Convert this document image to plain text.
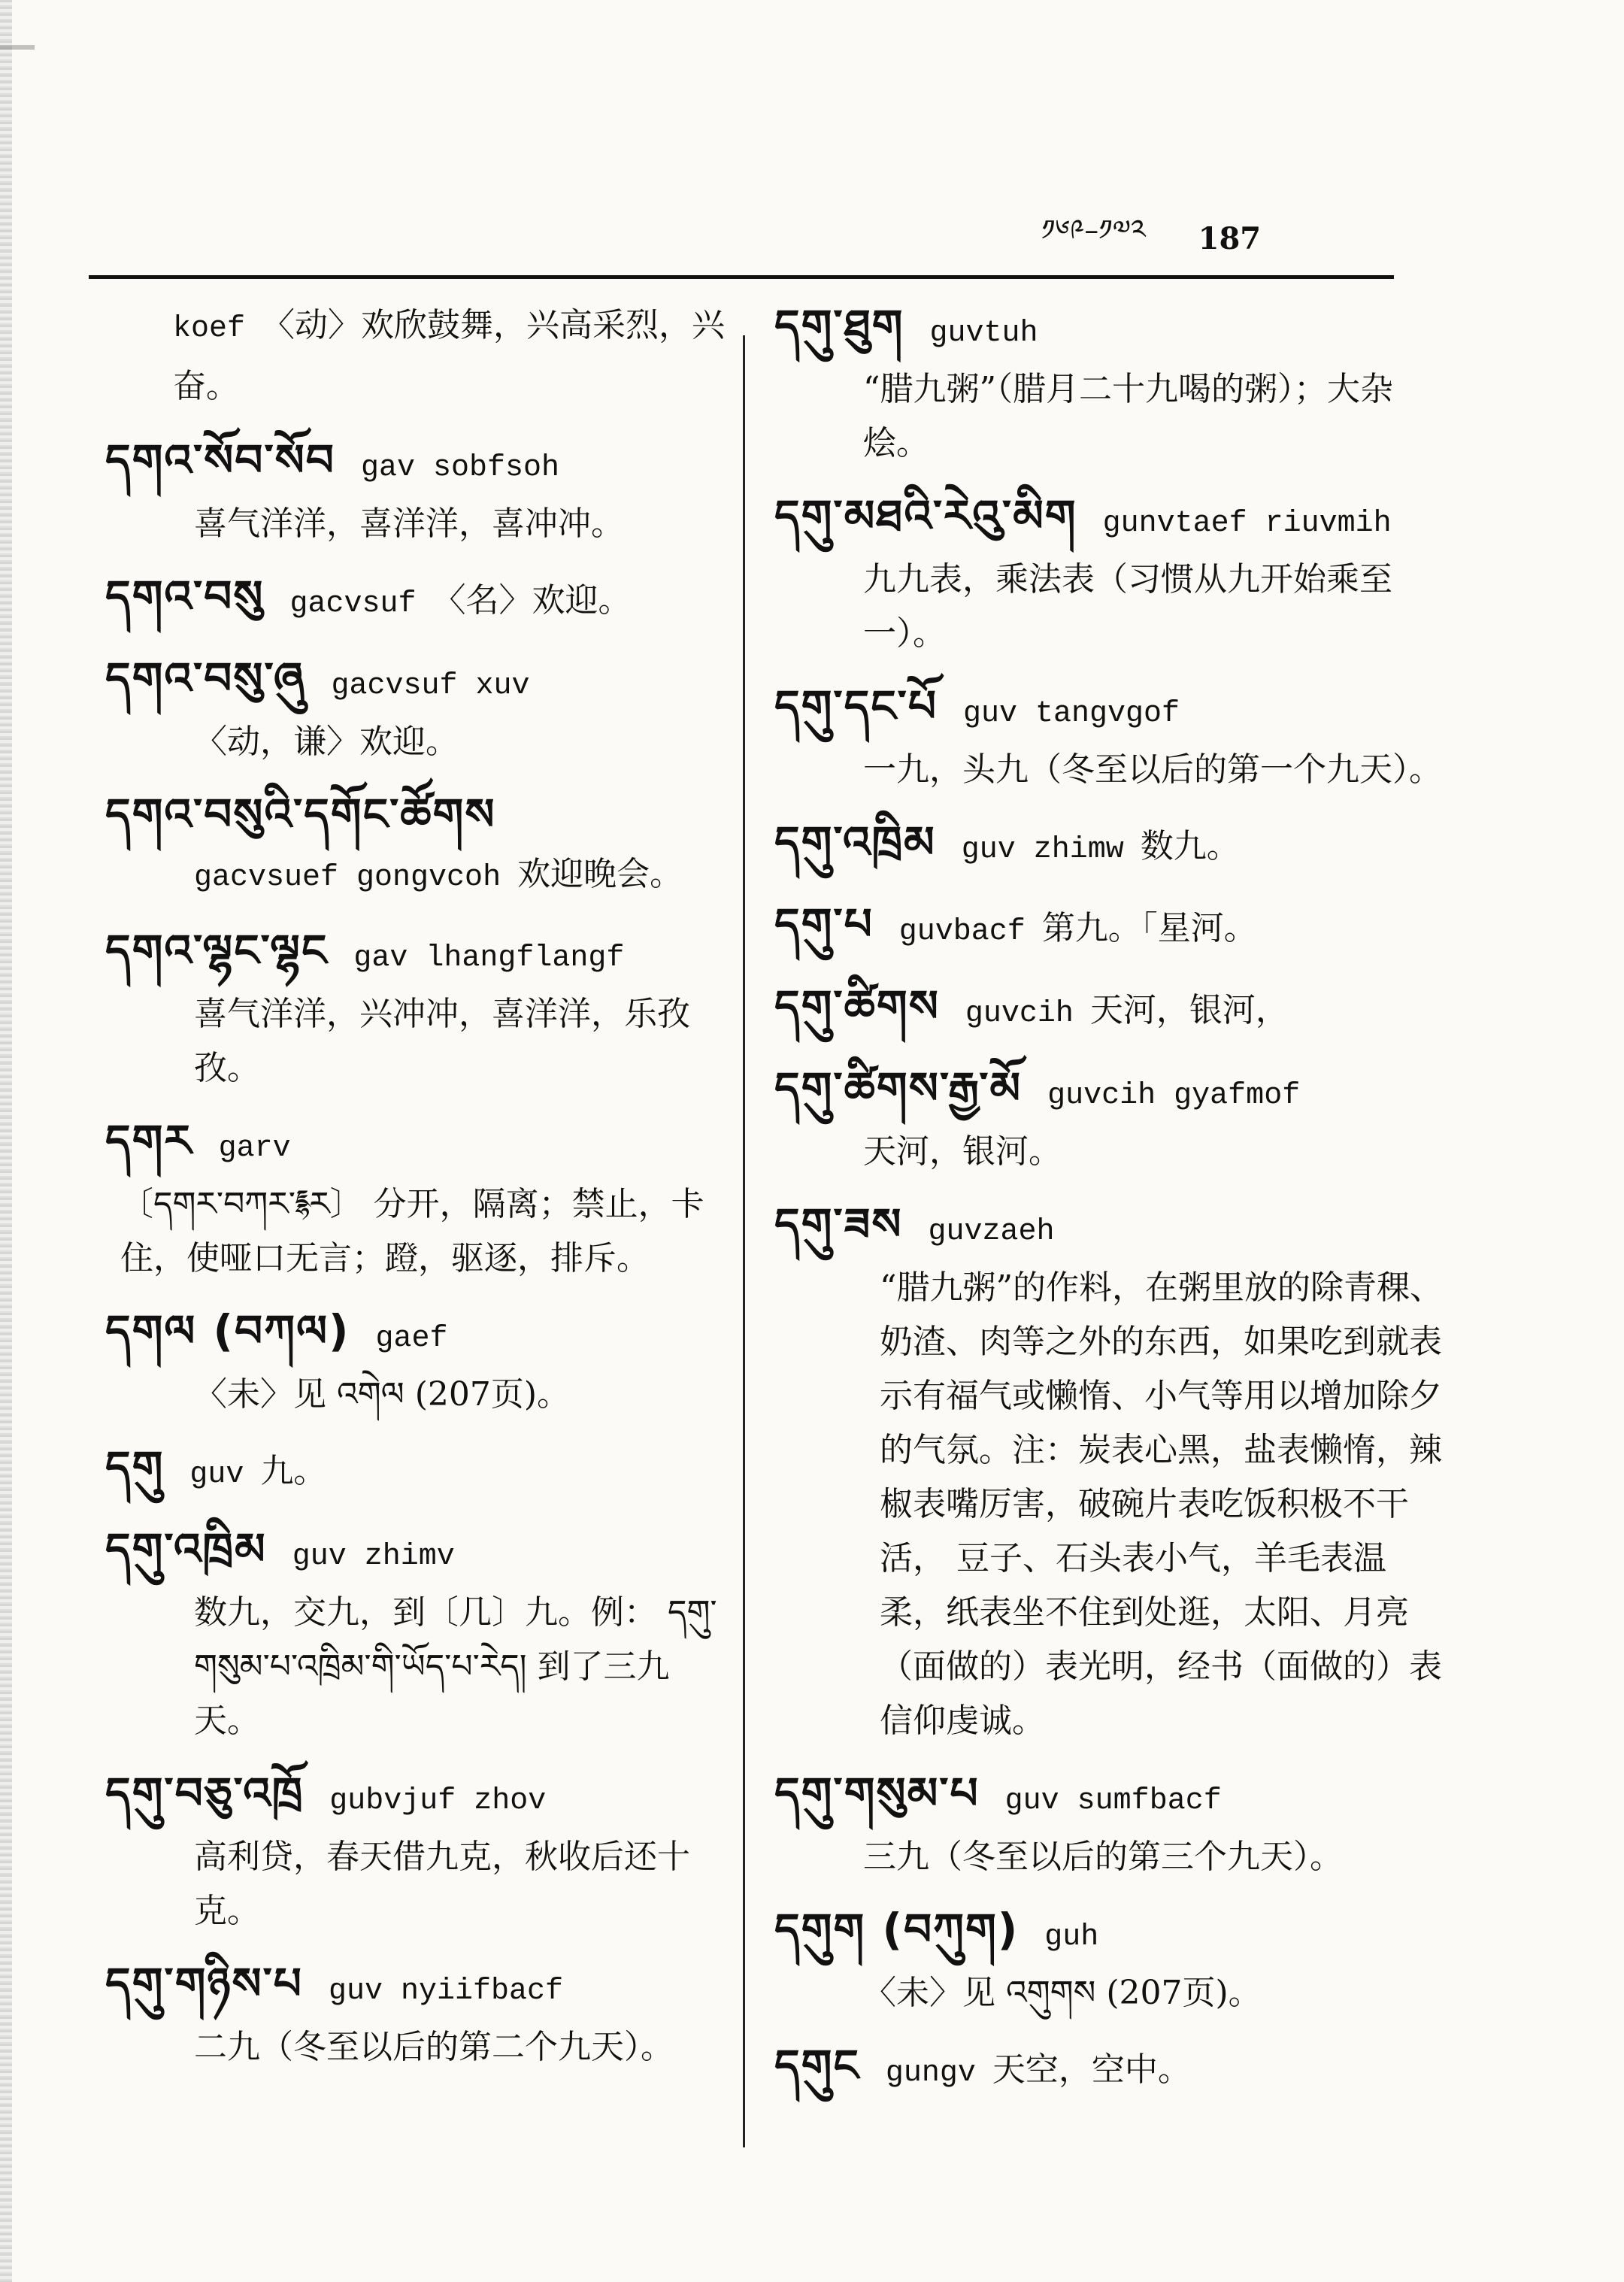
༡༦༩–༡༧༢ 187
koef 〈动〉欢欣鼓舞，兴高采烈，兴奋。
དགའ་སོབ་སོབ gav sobfsoh
喜气洋洋，喜洋洋，喜冲冲。
དགའ་བསུ gacvsuf 〈名〉欢迎。
དགའ་བསུ་ཞུ gacvsuf xuv
〈动，谦〉欢迎。
དགའ་བསུའི་དགོང་ཚོགས
gacvsuef gongvcoh 欢迎晚会。
དགའ་ལྷང་ལྷང gav lhangflangf
喜气洋洋，兴冲冲，喜洋洋，乐孜孜。
དགར garv
〔དགར་བཀར་཈ར〕 分开，隔离；禁止，卡住，使哑口无言；蹬，驱逐，排斥。
དགལ (བཀལ) gaef
〈未〉见 འགེལ (207页)。
དགུ guv 九。
དགུ་འཁྲིམ guv zhimv
数九，交九，到〔几〕九。例： དགུ་གསུམ་པ་འཁྲིམ་གི་ཡོད་པ་རེད། 到了三九天。
དགུ་བཅུ་འཁྲོ gubvjuf zhov
高利贷，春天借九克，秋收后还十克。
དགུ་གཉིས་པ guv nyiifbacf
二九（冬至以后的第二个九天）。
དགུ་ཐུག guvtuh
“腊九粥”（腊月二十九喝的粥）；大杂烩。
དགུ་མཐའི་རེའུ་མིག gunvtaef riuvmih
九九表，乘法表（习惯从九开始乘至一）。
དགུ་དང་པོ guv tangvgof
一九，头九（冬至以后的第一个九天）。
དགུ་འཁྲིམ guv zhimw 数九。
དགུ་པ guvbacf 第九。「星河。
དགུ་ཚིགས guvcih 天河，银河，
དགུ་ཚིགས་རྒྱ་མོ guvcih gyafmof
天河，银河。
དགུ་ཟས guvzaeh
“腊九粥”的作料，在粥里放的除青稞、奶渣、肉等之外的东西，如果吃到就表示有福气或懒惰、小气等用以增加除夕的气氛。注：炭表心黑，盐表懒惰，辣椒表嘴厉害，破碗片表吃饭积极不干活， 豆子、石头表小气，羊毛表温柔，纸表坐不住到处逛，太阳、月亮（面做的）表光明，经书（面做的）表信仰虔诚。
དགུ་གསུམ་པ guv sumfbacf
三九（冬至以后的第三个九天）。
དགུག (བཀུག) guh
〈未〉见 འགུགས (207页)。
དགུང gungv 天空，空中。
